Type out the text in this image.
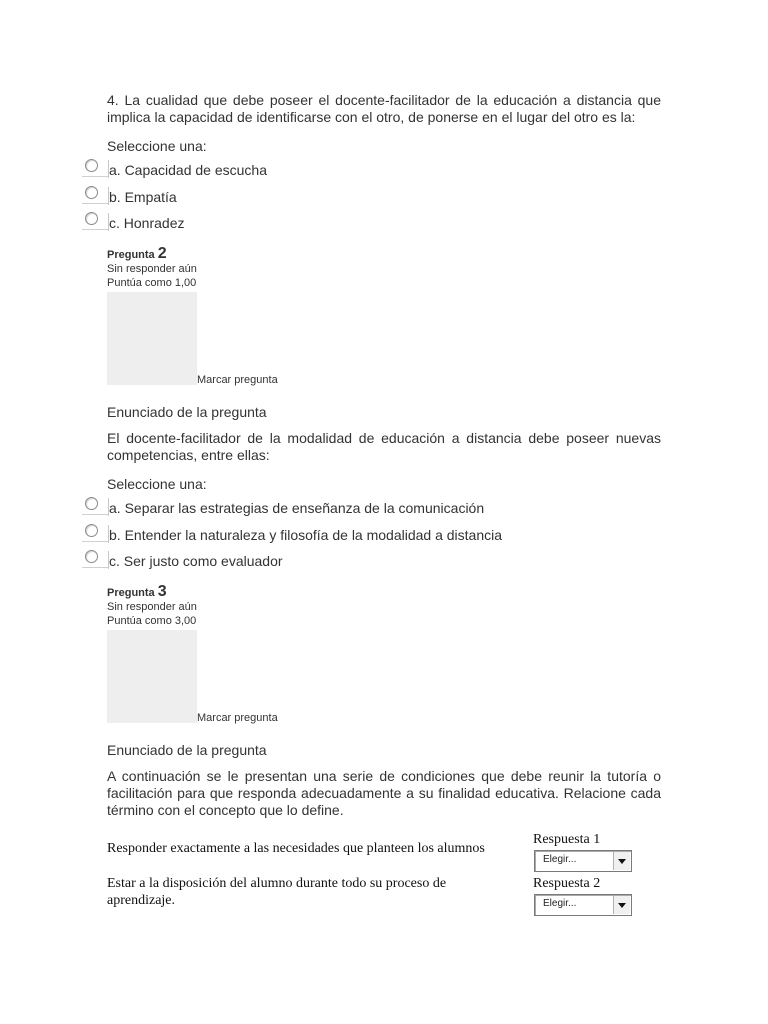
4. La cualidad que debe poseer el docente-facilitador de la educación a distancia que implica la capacidad de identificarse con el otro, de ponerse en el lugar del otro es la:
Seleccione una:
a. Capacidad de escucha
b. Empatía
c. Honradez
Pregunta 2
Sin responder aún
Puntúa como 1,00
Marcar pregunta
Enunciado de la pregunta
El docente-facilitador de la modalidad de educación a distancia debe poseer nuevas competencias, entre ellas:
Seleccione una:
a. Separar las estrategias de enseñanza de la comunicación
b. Entender la naturaleza y filosofía de la modalidad a distancia
c. Ser justo como evaluador
Pregunta 3
Sin responder aún
Puntúa como 3,00
Marcar pregunta
Enunciado de la pregunta
A continuación se le presentan una serie de condiciones que debe reunir la tutoría o facilitación para que responda adecuadamente a su finalidad educativa. Relacione cada término con el concepto que lo define.
Responder exactamente a las necesidades que planteen los alumnos
Respuesta 1
Elegir...
Estar a la disposición del alumno durante todo su proceso de aprendizaje.
Respuesta 2
Elegir...
